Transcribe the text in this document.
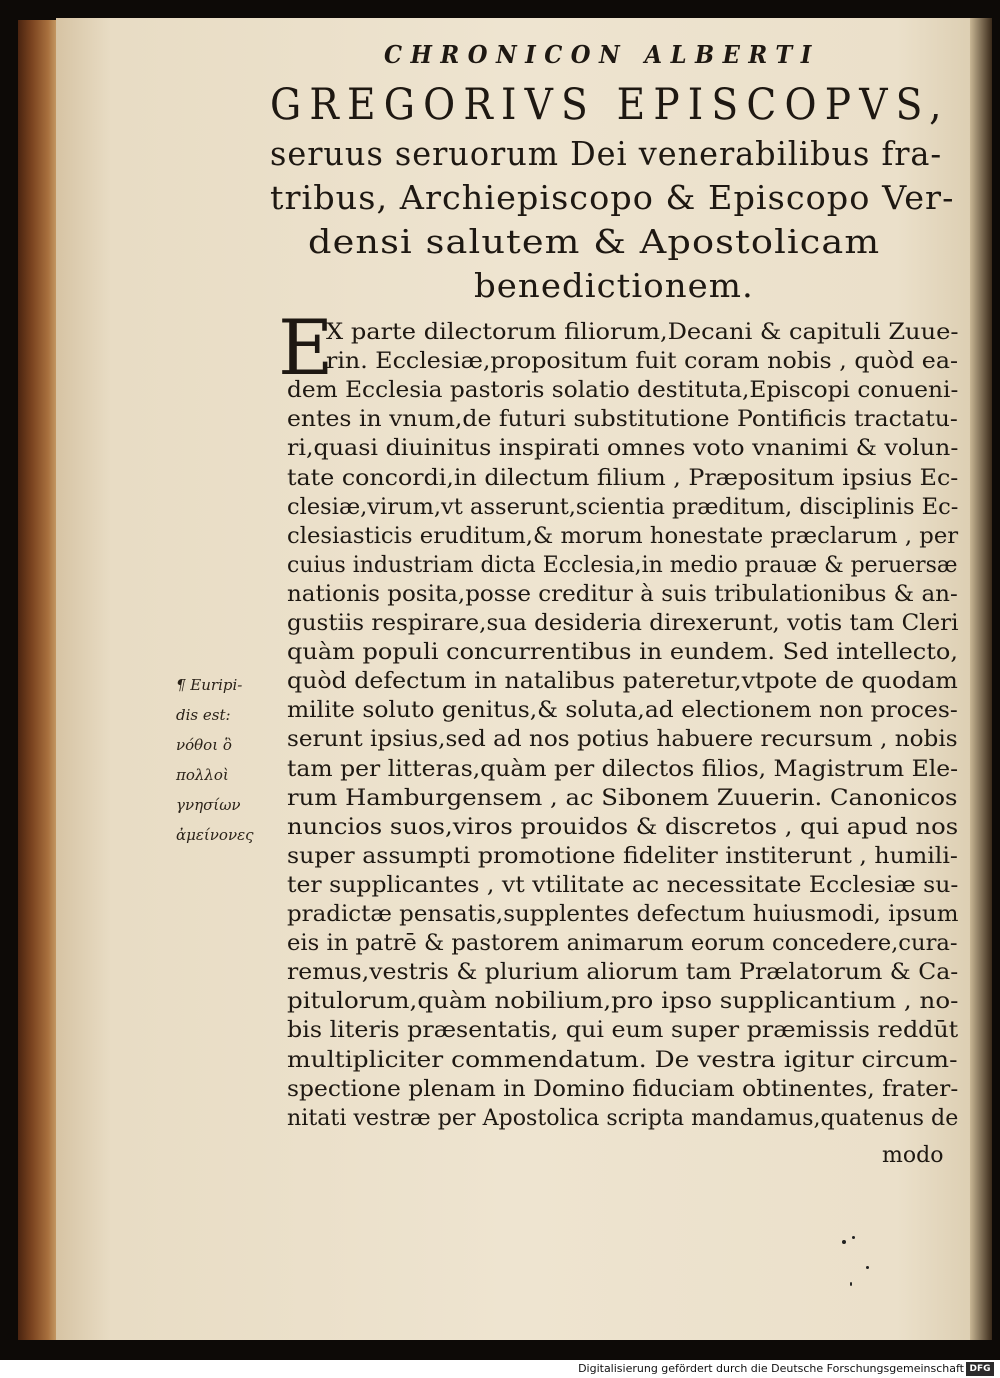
CHRONICON ALBERTI
GREGORIVS EPISCOPVS,
seruus seruorum Dei venerabilibus fra-
tribus, Archiepiscopo & Episcopo Ver-
densi salutem & Apostolicam
benedictionem.
E
X parte dilectorum filiorum,Decani & capituli Zuue-
rin. Ecclesiæ,propositum fuit coram nobis , quòd ea-
dem Ecclesia pastoris solatio destituta,Episcopi conueni-
entes in vnum,de futuri substitutione Pontificis tractatu-
ri,quasi diuinitus inspirati omnes voto vnanimi & volun-
tate concordi,in dilectum filium , Præpositum ipsius Ec-
clesiæ,virum,vt asserunt,scientia præditum, disciplinis Ec-
clesiasticis eruditum,& morum honestate præclarum , per
cuius industriam dicta Ecclesia,in medio prauæ & peruersæ
nationis posita,posse creditur à suis tribulationibus & an-
gustiis respirare,sua desideria direxerunt, votis tam Cleri
quàm populi concurrentibus in eundem. Sed intellecto,
quòd defectum in natalibus pateretur,vtpote de quodam
milite soluto genitus,& soluta,ad electionem non proces-
serunt ipsius,sed ad nos potius habuere recursum , nobis
tam per litteras,quàm per dilectos filios, Magistrum Ele-
rum Hamburgensem , ac Sibonem Zuuerin. Canonicos
nuncios suos,viros prouidos & discretos , qui apud nos
super assumpti promotione fideliter institerunt , humili-
ter supplicantes , vt vtilitate ac necessitate Ecclesiæ su-
pradictæ pensatis,supplentes defectum huiusmodi, ipsum
eis in patrē & pastorem animarum eorum concedere,cura-
remus,vestris & plurium aliorum tam Prælatorum & Ca-
pitulorum,quàm nobilium,pro ipso supplicantium , no-
bis literis præsentatis, qui eum super præmissis reddūt
multipliciter commendatum. De vestra igitur circum-
spectione plenam in Domino fiduciam obtinentes, frater-
nitati vestræ per Apostolica scripta mandamus,quatenus de
¶ Euripi-
dis est:
νόθοι ὃ
πολλοὶ
γνησίων
ἀμείνονες
modo
Digitalisierung gefördert durch die Deutsche Forschungsgemeinschaft DFG
